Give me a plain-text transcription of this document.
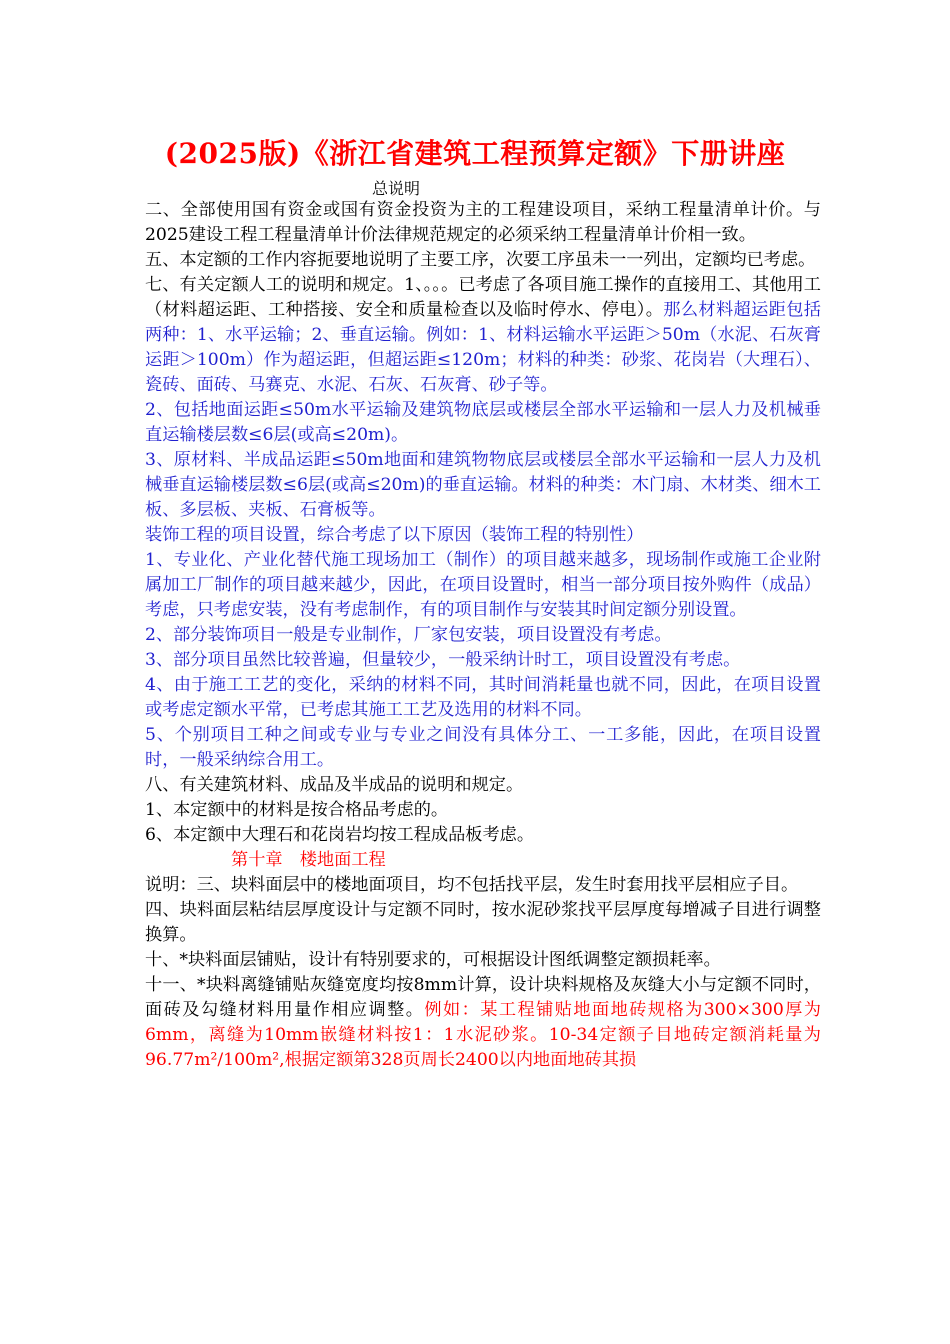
(2025版)《浙江省建筑工程预算定额》下册讲座
总说明

二、全部使用国有资金或国有资金投资为主的工程建设项目，采纳工程量清单计价。与2025建设工程工程量清单计价法律规范规定的必须采纳工程量清单计价相一致。

五、本定额的工作内容扼要地说明了主要工序，次要工序虽未一一列出，定额均已考虑。

七、有关定额人工的说明和规定。1、。。。已考虑了各项目施工操作的直接用工、其他用工（材料超运距、工种搭接、安全和质量检查以及临时停水、停电）。那么材料超运距包括两种：1、水平运输；2、垂直运输。例如：1、材料运输水平运距＞50m（水泥、石灰膏运距＞100m）作为超运距，但超运距≤120m；材料的种类：砂浆、花岗岩（大理石）、瓷砖、面砖、马赛克、水泥、石灰、石灰膏、砂子等。

2、包括地面运距≤50m水平运输及建筑物底层或楼层全部水平运输和一层人力及机械垂直运输楼层数≤6层(或高≤20m)。

3、原材料、半成品运距≤50m地面和建筑物物底层或楼层全部水平运输和一层人力及机械垂直运输楼层数≤6层(或高≤20m)的垂直运输。材料的种类：木门扇、木材类、细木工板、多层板、夹板、石膏板等。

装饰工程的项目设置，综合考虑了以下原因（装饰工程的特别性）

1、专业化、产业化替代施工现场加工（制作）的项目越来越多，现场制作或施工企业附属加工厂制作的项目越来越少，因此，在项目设置时，相当一部分项目按外购件（成品）考虑，只考虑安装，没有考虑制作，有的项目制作与安装其时间定额分别设置。

2、部分装饰项目一般是专业制作，厂家包安装，项目设置没有考虑。

3、部分项目虽然比较普遍，但量较少，一般采纳计时工，项目设置没有考虑。

4、由于施工工艺的变化，采纳的材料不同，其时间消耗量也就不同，因此，在项目设置或考虑定额水平常，已考虑其施工工艺及选用的材料不同。

5、个别项目工种之间或专业与专业之间没有具体分工、一工多能，因此，在项目设置时，一般采纳综合用工。

八、有关建筑材料、成品及半成品的说明和规定。

1、本定额中的材料是按合格品考虑的。

6、本定额中大理石和花岗岩均按工程成品板考虑。

第十章　楼地面工程

说明：三、块料面层中的楼地面项目，均不包括找平层，发生时套用找平层相应子目。

四、块料面层粘结层厚度设计与定额不同时，按水泥砂浆找平层厚度每增减子目进行调整换算。

十、*块料面层铺贴，设计有特别要求的，可根据设计图纸调整定额损耗率。

十一、*块料离缝铺贴灰缝宽度均按8mm计算，设计块料规格及灰缝大小与定额不同时，面砖及勾缝材料用量作相应调整。例如：某工程铺贴地面地砖规格为300×300厚为6mm，离缝为10mm嵌缝材料按1：1水泥砂浆。10-34定额子目地砖定额消耗量为96.77m²/100m²,根据定额第328页周长2400以内地面地砖其损
